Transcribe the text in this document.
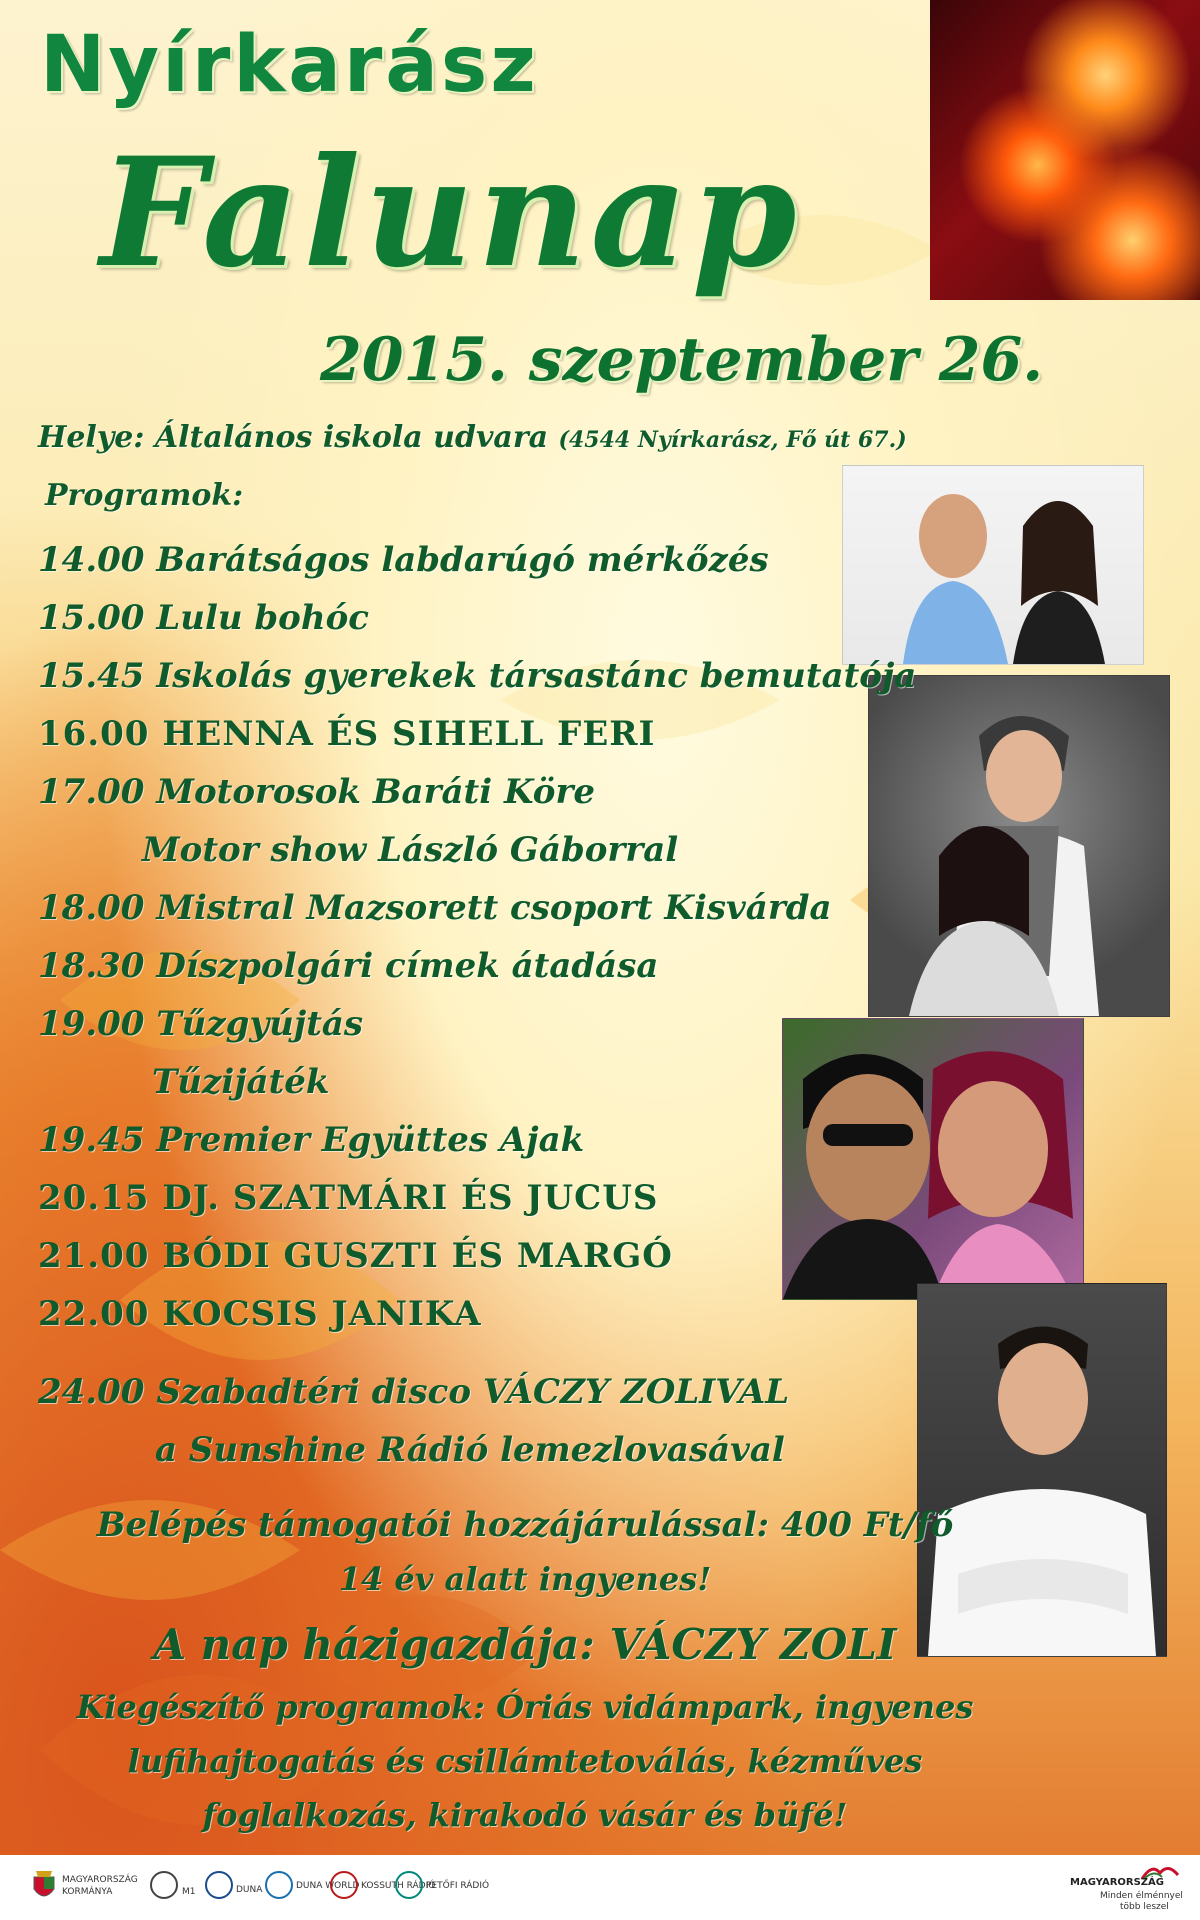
Nyírkarász
Falunap
2015. szeptember 26.
Helye: Általános iskola udvara (4544 Nyírkarász, Fő út 67.)
Programok:
14.00 Barátságos labdarúgó mérkőzés
15.00 Lulu bohóc
15.45 Iskolás gyerekek társastánc bemutatója
16.00 HENNA ÉS SIHELL FERI
17.00 Motorosok Baráti Köre
Motor show László Gáborral
18.00 Mistral Mazsorett csoport Kisvárda
18.30 Díszpolgári címek átadása
19.00 Tűzgyújtás
Tűzijáték
19.45 Premier Együttes Ajak
20.15 DJ. SZATMÁRI ÉS JUCUS
21.00 BÓDI GUSZTI ÉS MARGÓ
22.00 KOCSIS JANIKA
24.00 Szabadtéri disco VÁCZY ZOLIVAL
a Sunshine Rádió lemezlovasával
Belépés támogatói hozzájárulással: 400 Ft/fő
14 év alatt ingyenes!
A nap házigazdája: VÁCZY ZOLI
Kiegészítő programok: Óriás vidámpark, ingyenes
lufihajtogatás és csillámtetoválás, kézműves
foglalkozás, kirakodó vásár és büfé!
MAGYARORSZÁG
KORMÁNYA	M1	DUNA	DUNA WORLD KOSSUTH RÁDIÓ
PETŐFI RÁDIÓ	MAGYARORSZÁG
Minden élménnyel
több leszel
